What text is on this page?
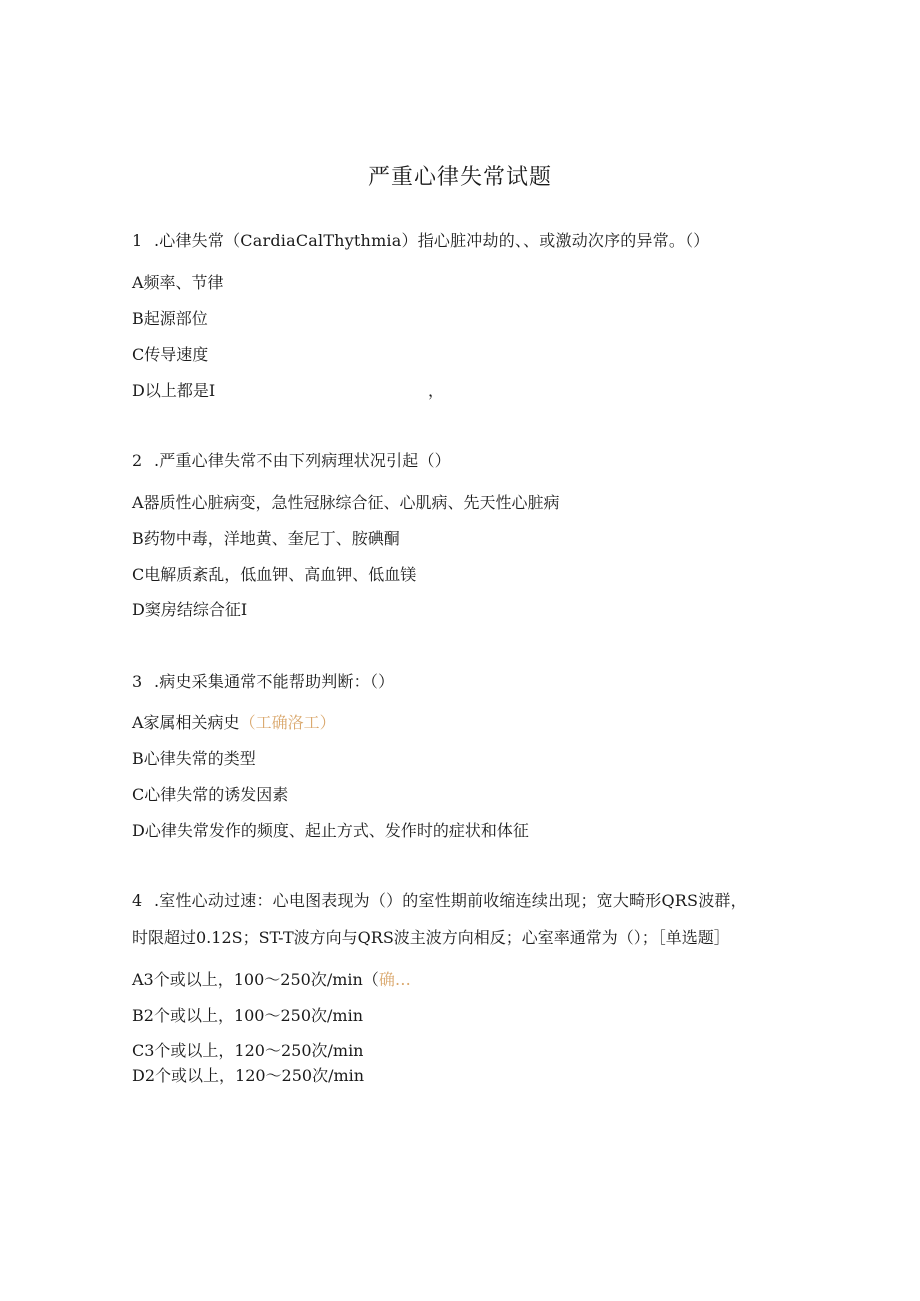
严重心律失常试题
1 .心律失常（CardiaCalThythmia）指心脏冲劫的、、或激动次序的异常。（）
A频率、节律
B起源部位
C传导速度
D以上都是I	，
2 .严重心律失常不由下列病理状况引起（）
A器质性心脏病变，急性冠脉综合征、心肌病、先天性心脏病
B药物中毒，洋地黄、奎尼丁、胺碘酮
C电解质紊乱，低血钾、高血钾、低血镁
D窦房结综合征I
3 .病史采集通常不能帮助判断：（）
A家属相关病史（工确洛工）
B心律失常的类型
C心律失常的诱发因素
D心律失常发作的频度、起止方式、发作时的症状和体征
4 .室性心动过速：心电图表现为（）的室性期前收缩连续出现；宽大畸形QRS波群，
时限超过0.12S；ST-T波方向与QRS波主波方向相反；心室率通常为（）；［单选题］
A3个或以上，100～250次/min（确…
B2个或以上，100～250次/min
C3个或以上，120～250次/min
D2个或以上，120～250次/min
